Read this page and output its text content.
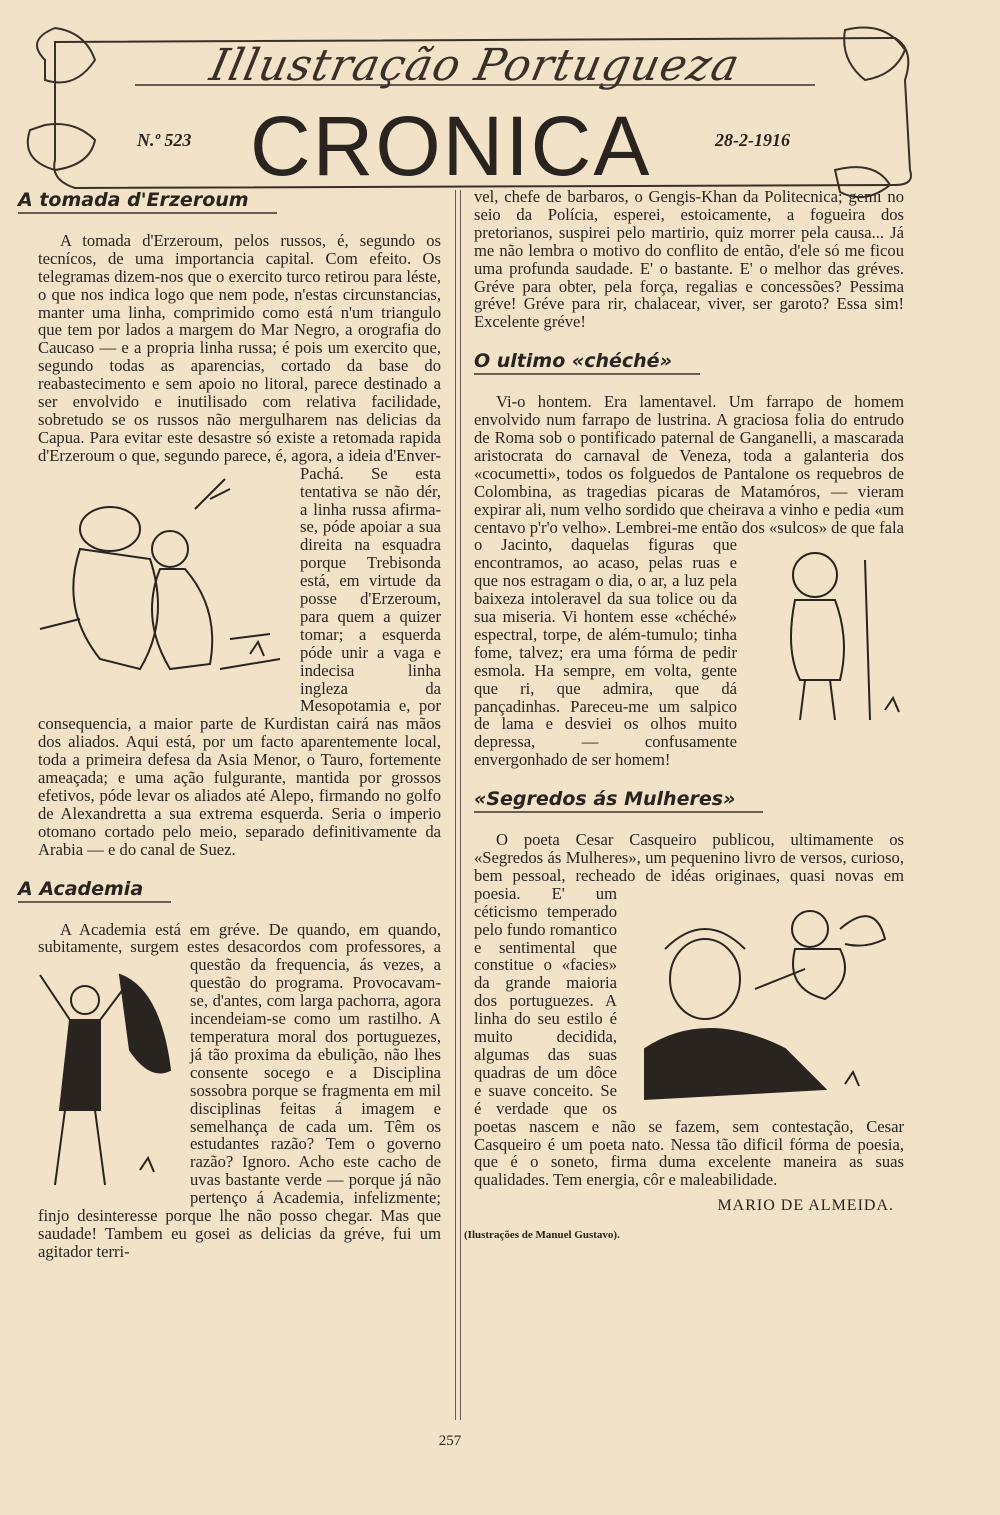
Illustração Portugueza
CRONICA
N.º 523	28-2-1916
A tomada d'Erzeroum

A tomada d'Erzeroum, pelos russos, é, segundo os tecnícos, de uma importancia capital. Com efeito. Os telegramas dizem-nos que o exercito turco retirou para léste, o que nos indica logo que nem pode, n'estas circunstancias, manter uma linha, comprimido como está n'um triangulo que tem por lados a margem do Mar Negro, a orografia do Caucaso — e a propria linha russa; é pois um exercito que, segundo todas as aparencias, cortado da base do reabastecimento e sem apoio no litoral, parece destinado a ser envolvido e inutilisado com relativa facilidade, sobretudo se os russos não mergulharem nas delicias da Capua. Para evitar este desastre só existe a retomada rapida d'Erzeroum o que, segundo parece, é, agora, a
ideia d'Enver-Pachá. Se esta tentativa se não dér, a linha russa afirma-se, póde apoiar a sua direita na esquadra porque Trebisonda está, em virtude da posse d'Erzeroum, para quem a quizer tomar; a esquerda póde unir a vaga e indecisa linha ingleza da Mesopotamia e, por consequencia, a maior parte de Kurdistan cairá nas mãos dos aliados. Aqui está, por um facto aparentemente local, toda a primeira defesa da Asia Menor, o Tauro, fortemente ameaçada; e uma ação fulgurante, mantida por grossos efetivos, póde levar os aliados até Alepo, firmando no golfo de Alexandretta a sua extrema esquerda. Seria o imperio otomano cortado pelo meio, separado definitivamente da Arabia — e do canal de Suez.

A Academia

A Academia está em gréve. De quando, em quando, subitamente, surgem estes desacordos com
professores, a questão da frequencia, ás vezes, a questão do programa. Provocavam-se, d'antes, com larga pachorra, agora incendeiam-se como um rastilho. A temperatura moral dos portuguezes, já tão proxima da ebulição, não lhes consente socego e a Disciplina sossobra porque se fragmenta em mil disciplinas feitas á imagem e semelhança de cada um. Têm os estudantes razão? Tem o governo razão? Ignoro. Acho este cacho de uvas bastante verde — porque já não pertenço á Academia, infelizmente; finjo desinteresse porque lhe não posso chegar. Mas que saudade! Tambem eu gosei as delicias da gréve, fui um agitador terri-

vel, chefe de barbaros, o Gengis-Khan da Politecnica; gemi no seio da Polícia, esperei, estoicamente, a fogueira dos pretorianos, suspirei pelo martirio, quiz morrer pela causa... Já me não lembra o motivo do conflito de então, d'ele só me ficou uma profunda saudade. E' o bastante. E' o melhor das gréves. Gréve para obter, pela força, regalias e concessões? Pessima gréve! Gréve para rir, chalacear, viver, ser garoto? Essa sim! Excelente gréve!

O ultimo «chéché»

Vi-o hontem. Era lamentavel. Um farrapo de homem envolvido num farrapo de lustrina. A graciosa folia do entrudo de Roma sob o pontificado paternal de Ganganelli, a mascarada aristocrata do carnaval de Veneza, toda a galanteria dos «cocumetti», todos os folguedos de Pantalone os requebros de Colombina, as tragedias picaras de Matamóros, — vieram expirar ali, num velho sordido que cheirava a vinho e pedia «um centavo p'r'o velho». Lembrei-me então dos «sulcos» de que fala o
Jacinto, daquelas figuras que encontramos, ao acaso, pelas ruas e que nos estragam o dia, o ar, a luz pela baixeza intoleravel da sua tolice ou da sua miseria. Vi hontem esse «chéché» espectral, torpe, de além-tumulo; tinha fome, talvez; era uma fórma de pedir esmola. Ha sempre, em volta, gente que ri, que admira, que dá pançadinhas. Pareceu-me um salpico de lama e desviei os olhos muito depressa, — confusamente envergonhado de ser homem!

«Segredos ás Mulheres»

O poeta Cesar Casqueiro publicou, ultimamente os «Segredos ás Mulheres», um pequenino livro de versos, curioso, bem pessoal, recheado de idéas originaes, quasi novas em poesia. E' um
céticismo temperado pelo fundo romantico e sentimental que constitue o «facies» da grande maioria dos portuguezes. A linha do seu estilo é muito decidida, algumas das suas quadras de um dôce e suave conceito. Se é verdade que os poetas nascem e não se fazem, sem contestação, Cesar Casqueiro é um poeta nato. Nessa tão dificil fórma de poesia, que é o soneto, firma duma excelente maneira as suas qualidades. Tem energia, côr e maleabilidade.

MARIO DE ALMEIDA.
(Ilustrações de Manuel Gustavo).
257
